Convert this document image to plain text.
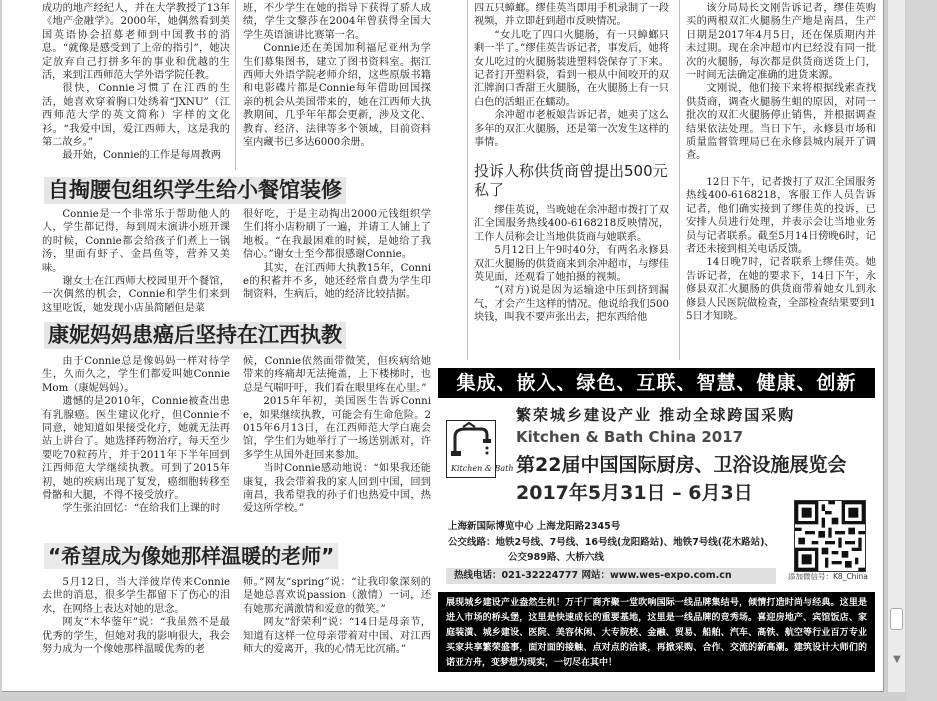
成功的地产经纪人，并在大学教授了13年《地产金融学》。2000年，她偶然看到美国英语协会招募老师到中国教书的消息。“就像是感受到了上帝的指引”，她决定放弃自己打拼多年的事业和优越的生活，来到江西师范大学外语学院任教。

很快，Connie习惯了在江西的生活，她喜欢穿着胸口处绣着“JXNU”（江西师范大学的英文简称）字样的文化衫。“我爱中国，爱江西师大，这是我的第二故乡。”

最开始，Connie的工作是每周教两

班，不少学生在她的指导下获得了骄人成绩，学生文黎莎在2004年曾获得全国大学生英语演讲比赛第一名。

Connie还在美国加利福尼亚州为学生们募集图书，建立了图书资料室。据江西师大外语学院老师介绍，这些原版书籍和电影碟片都是Connie每年借助回国探亲的机会从美国带来的，她在江西师大执教期间，几乎年年都会更新，涉及文化、教育、经济、法律等多个领域，目前资料室内藏书已多达6000余册。

四五只蟑螂。缪佳英当即用手机录制了一段视频，并立即赶到超市反映情况。

“女儿吃了四口火腿肠，有一只蟑螂只剩一半了。”缪佳英告诉记者，事发后，她将女儿吃过的火腿肠装进塑料袋保存了下来。记者打开塑料袋，看到一根从中间咬开的双汇牌润口香甜王火腿肠，在火腿肠上有一只白色的活蛆正在蠕动。

余冲超市老板娘告诉记者，她卖了这么多年的双汇火腿肠，还是第一次发生这样的事情。

该分局局长文刚告诉记者，缪佳英购买的两根双汇火腿肠生产地是南昌，生产日期是2017年4月5日，还在保质期内并未过期。现在余冲超市内已经没有同一批次的火腿肠，每次都是供货商送货上门，一时间无法确定准确的进货来源。

文刚说，他们接下来将根据线索查找供货商，调查火腿肠生蛆的原因，对同一批次的双汇火腿肠停止销售，并根据调查结果依法处理。当日下午，永修县市场和质量监督管理局已在永修县城内展开了调查。

投诉人称供货商曾提出500元私了

缪佳英说，当晚她在余冲超市拨打了双汇全国服务热线400-6168218反映情况，工作人员称会让当地供货商与她联系。

5月12日上午9时40分，有两名永修县双汇火腿肠的供货商来到余冲超市，与缪佳英见面，还观看了她拍摄的视频。

“(对方)说是因为运输途中压到挤到漏气，才会产生这样的情况。他说给我们500块钱，叫我不要声张出去，把东西给他

12日下午，记者拨打了双汇全国服务热线400-6168218，客服工作人员告诉记者，他们确实接到了缪佳英的投诉，已安排人员进行处理，并表示会让当地业务员与记者联系。截至5月14日傍晚6时，记者还未接到相关电话反馈。

14日晚7时，记者联系上缪佳英。她告诉记者，在她的要求下，14日下午，永修县双汇火腿肠的供货商带着她女儿到永修县人民医院做检查，全部检查结果要到15日才知晓。

自掏腰包组织学生给小餐馆装修

Connie是一个非常乐于帮助他人的人，学生都记得，每到周末演讲小班开课的时候，Connie都会给孩子们煮上一锅汤，里面有虾子、金昌鱼等，营养又美味。

谢女士在江西师大校园里开个餐馆，一次偶然的机会，Connie和学生们来到这里吃饭，她发现小店虽简陋但是菜

很好吃，于是主动掏出2000元钱组织学生们将小店粉刷了一遍，并请工人铺上了地板。“在我最困难的时候，是她给了我信心。”谢女士至今都很感谢Connie。

其实，在江西师大执教15年，Connie的积蓄并不多，她还经常自费为学生印制资料，生病后，她的经济比较拮据。

康妮妈妈患癌后坚持在江西执教

由于Connie总是像妈妈一样对待学生，久而久之，学生们都爱叫她Connie Mom（康妮妈妈）。

遗憾的是2010年，Connie被查出患有乳腺癌。医生建议化疗，但Connie不同意，她知道如果接受化疗，她就无法再站上讲台了。她选择药物治疗，每天至少要吃70粒药片，并于2011年下半年回到江西师范大学继续执教。可到了2015年初，她的疾病出现了复发，癌细胞转移至骨骼和大腿，不得不接受放疗。

学生张泊回忆：“在给我们上课的时

候，Connie依然面带微笑，但疾病给她带来的疼痛却无法掩盖，上下楼梯时，也总是气喘吁吁，我们看在眼里疼在心里。”

2015年年初，美国医生告诉Connie，如果继续执教，可能会有生命危险。2015年6月13日，在江西师范大学白鹿会馆，学生们为她举行了一场送别派对，许多学生从国外赶回来参加。

当时Connie感动地说：“如果我还能康复，我会带着我的家人回到中国，回到南昌，我希望我的孙子们也热爱中国，热爱这所学校。”

“希望成为像她那样温暖的老师”

5月12日，当大洋彼岸传来Connie去世的消息，很多学生都留下了伤心的泪水，在网络上表达对她的思念。

网友“木华蓥年”说：“我虽然不是最优秀的学生，但她对我的影响很大，我会努力成为一个像她那样温暖优秀的老

师。”网友“spring”说：“让我印象深刻的是她总喜欢说passion（激情）一词，还有她那充满激情和爱意的微笑。”

网友“舒荣利”说：“14日是母亲节，知道有这样一位母亲带着对中国、对江西师大的爱离开，我的心情无比沉痛。”

集成、嵌入、绿色、互联、智慧、健康、创新
繁荣城乡建设产业 推动全球跨国采购
Kitchen & Bath
Kitchen & Bath China 2017
第22届中国国际厨房、卫浴设施展览会
2017年5月31日 – 6月3日
上海新国际博览中心 上海龙阳路2345号
公交线路：地铁2号线、7号线、16号线(龙阳路站)、地铁7号线(花木路站)、
公交989路、大桥六线
热线电话：021-32224777 网站：www.wes-expo.com.cn	添加微信号：K8_China
展现城乡建设产业盎然生机！万千厂商齐聚一堂吹响国际一线品牌集结号，倾情打造时尚与经典。这里是进入市场的桥头堡，这里是快速成长的重要基地，这里是一线品牌的竞秀场。喜迎房地产、宾馆饭店、家庭装潢、城乡建设、医院、美容休闲、大专院校、金融、贸易、船舶、汽车、高铁、航空等行业百万专业买家共享繁荣盛事，面对面的接触、点对点的洽谈，再掀采购、合作、交流的新高潮。建筑设计大师们的诺亚方舟，变梦想为现实，一切尽在其中！	▼
